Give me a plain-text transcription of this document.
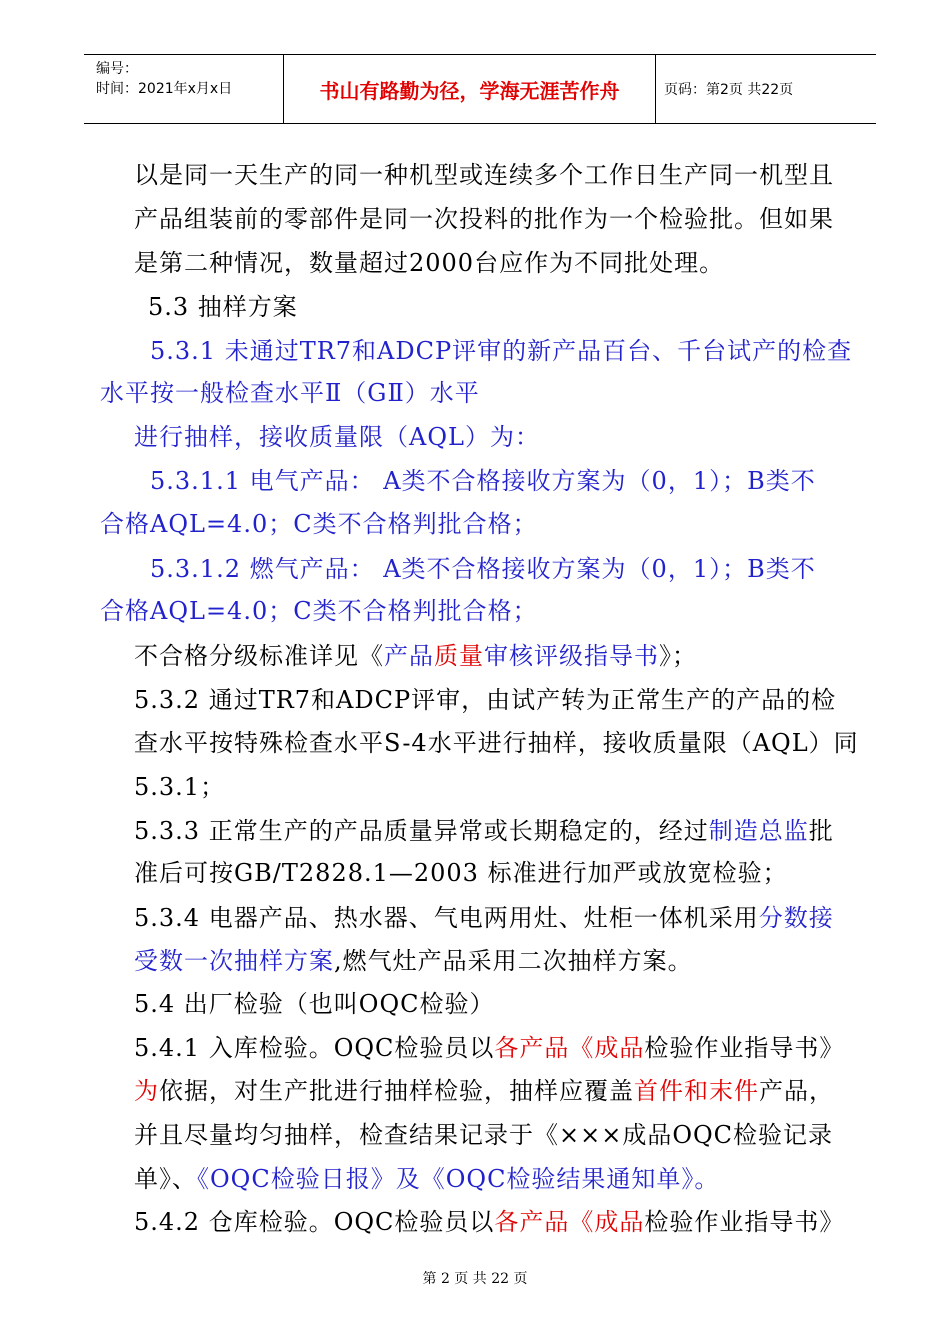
编号：
时间：2021年x月x日	书山有路勤为径，学海无涯苦作舟	页码：第2页 共22页
以是同一天生产的同一种机型或连续多个工作日生产同一机型且
产品组装前的零部件是同一次投料的批作为一个检验批。但如果
是第二种情况，数量超过2000台应作为不同批处理。
5.3 抽样方案
5.3.1 未通过TR7和ADCP评审的新产品百台、千台试产的检查
水平按一般检查水平Ⅱ（GⅡ）水平
进行抽样，接收质量限（AQL）为：
5.3.1.1 电气产品： A类不合格接收方案为（0，1）；B类不
合格AQL=4.0；C类不合格判批合格；
5.3.1.2 燃气产品： A类不合格接收方案为（0，1）；B类不
合格AQL=4.0；C类不合格判批合格；
不合格分级标准详见《产品质量审核评级指导书》；
5.3.2 通过TR7和ADCP评审，由试产转为正常生产的产品的检
查水平按特殊检查水平S-4水平进行抽样，接收质量限（AQL）同
5.3.1；
5.3.3 正常生产的产品质量异常或长期稳定的，经过制造总监批
准后可按GB/T2828.1—2003 标准进行加严或放宽检验；
5.3.4 电器产品、热水器、气电两用灶、灶柜一体机采用分数接
受数一次抽样方案,燃气灶产品采用二次抽样方案。
5.4 出厂检验（也叫OQC检验）
5.4.1 入库检验。OQC检验员以各产品《成品检验作业指导书》
为依据，对生产批进行抽样检验，抽样应覆盖首件和末件产品，
并且尽量均匀抽样，检查结果记录于《×××成品OQC检验记录
单》、《OQC检验日报》及《OQC检验结果通知单》。
5.4.2 仓库检验。OQC检验员以各产品《成品检验作业指导书》
第 2 页 共 22 页
